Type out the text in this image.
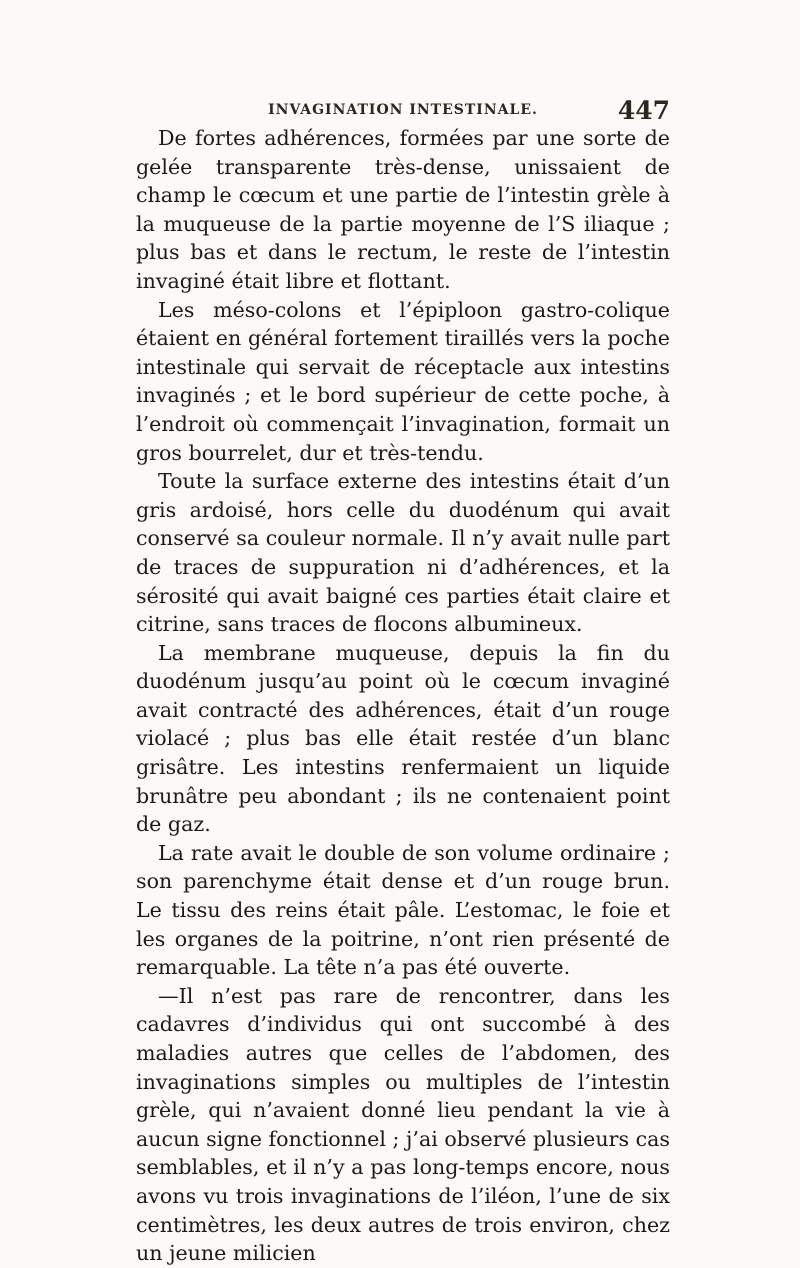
INVAGINATION INTESTINALE.	447

De fortes adhérences, formées par une sorte de gelée transparente très-dense, unissaient de champ le cœcum et une partie de l’intestin grèle à la muqueuse de la partie moyenne de l’S iliaque ; plus bas et dans le rectum, le reste de l’intestin invaginé était libre et flottant.

Les méso-colons et l’épiploon gastro-colique étaient en général fortement tiraillés vers la poche intestinale qui servait de réceptacle aux intestins invaginés ; et le bord supérieur de cette poche, à l’endroit où commençait l’invagination, formait un gros bourrelet, dur et très-tendu.

Toute la surface externe des intestins était d’un gris ardoisé, hors celle du duodénum qui avait conservé sa couleur normale. Il n’y avait nulle part de traces de suppuration ni d’adhérences, et la sérosité qui avait baigné ces parties était claire et citrine, sans traces de flocons albumineux.

La membrane muqueuse, depuis la fin du duodénum jusqu’au point où le cœcum invaginé avait contracté des adhérences, était d’un rouge violacé ; plus bas elle était restée d’un blanc grisâtre. Les intestins renfermaient un liquide brunâtre peu abondant ; ils ne contenaient point de gaz.

La rate avait le double de son volume ordinaire ; son parenchyme était dense et d’un rouge brun. Le tissu des reins était pâle. L’estomac, le foie et les organes de la poitrine, n’ont rien présenté de remarquable. La tête n’a pas été ouverte.

—Il n’est pas rare de rencontrer, dans les cadavres d’individus qui ont succombé à des maladies autres que celles de l’abdomen, des invaginations simples ou multiples de l’intestin grèle, qui n’avaient donné lieu pendant la vie à aucun signe fonctionnel ; j’ai observé plusieurs cas semblables, et il n’y a pas long-temps encore, nous avons vu trois invaginations de l’iléon, l’une de six centimètres, les deux autres de trois environ, chez un jeune milicien
